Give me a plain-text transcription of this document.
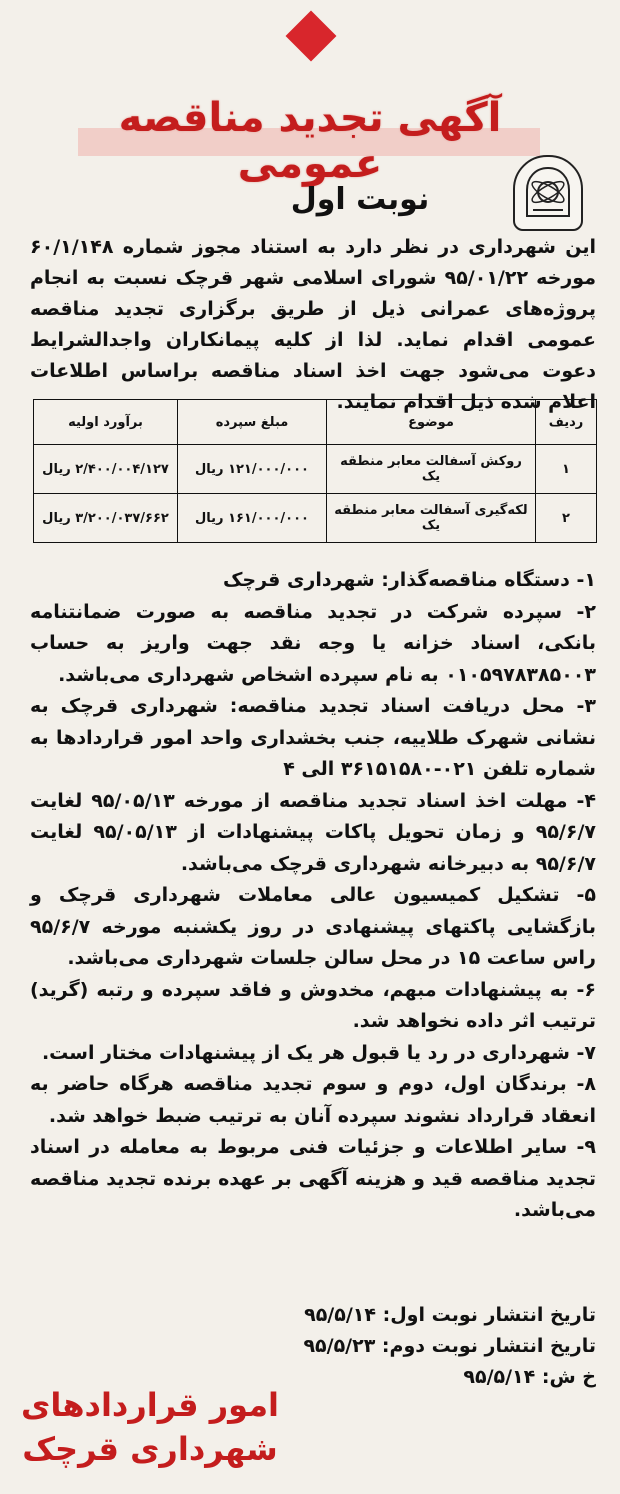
آگهی تجدید مناقصه عمومی
نوبت اول
این شهرداری در نظر دارد به استناد مجوز شماره ۶۰/۱/۱۴۸ مورخه ۹۵/۰۱/۲۲ شورای اسلامی شهر قرچک نسبت به انجام پروژه‌های عمرانی ذیل از طریق برگزاری تجدید مناقصه عمومی اقدام نماید. لذا از کلیه پیمانکاران واجدالشرایط دعوت می‌شود جهت اخذ اسناد مناقصه براساس اطلاعات اعلام شده ذیل اقدام نمایند.
ردیف	موضوع	مبلغ سپرده	برآورد اولیه
۱	روکش آسفالت معابر منطقه یک	۱۲۱/۰۰۰/۰۰۰ ریال	۲/۴۰۰/۰۰۴/۱۲۷ ریال
۲	لکه‌گیری آسفالت معابر منطقه یک	۱۶۱/۰۰۰/۰۰۰ ریال	۳/۲۰۰/۰۳۷/۶۶۲ ریال

۱- دستگاه مناقصه‌گذار: شهرداری قرچک

۲- سپرده شرکت در تجدید مناقصه به صورت ضمانتنامه بانکی، اسناد خزانه یا وجه نقد جهت واریز به حساب ۰۱۰۵۹۷۸۳۸۵۰۰۳ به نام سپرده اشخاص شهرداری می‌باشد.

۳- محل دریافت اسناد تجدید مناقصه: شهرداری قرچک به نشانی شهرک طلاییه، جنب بخشداری واحد امور قراردادها به شماره تلفن ۰۲۱-۳۶۱۵۱۵۸۰ الی ۴

۴- مهلت اخذ اسناد تجدید مناقصه از مورخه ۹۵/۰۵/۱۳ لغایت ۹۵/۶/۷ و زمان تحویل پاکات پیشنهادات از ۹۵/۰۵/۱۳ لغایت ۹۵/۶/۷ به دبیرخانه شهرداری قرچک می‌باشد.

۵- تشکیل کمیسیون عالی معاملات شهرداری قرچک و بازگشایی پاکتهای پیشنهادی در روز یکشنبه مورخه ۹۵/۶/۷ راس ساعت ۱۵ در محل سالن جلسات شهرداری می‌باشد.

۶- به پیشنهادات مبهم، مخدوش و فاقد سپرده و رتبه (گرید) ترتیب اثر داده نخواهد شد.

۷- شهرداری در رد یا قبول هر یک از پیشنهادات مختار است.

۸- برندگان اول، دوم و سوم تجدید مناقصه هرگاه حاضر به انعقاد قرارداد نشوند سپرده آنان به ترتیب ضبط خواهد شد.

۹- سایر اطلاعات و جزئیات فنی مربوط به معامله در اسناد تجدید مناقصه قید و هزینه آگهی بر عهده برنده تجدید مناقصه می‌باشد.

تاریخ انتشار نوبت اول: ۹۵/۵/۱۴

تاریخ انتشار نوبت دوم: ۹۵/۵/۲۳

خ ش: ۹۵/۵/۱۴

امور قراردادهای
شهرداری قرچک
